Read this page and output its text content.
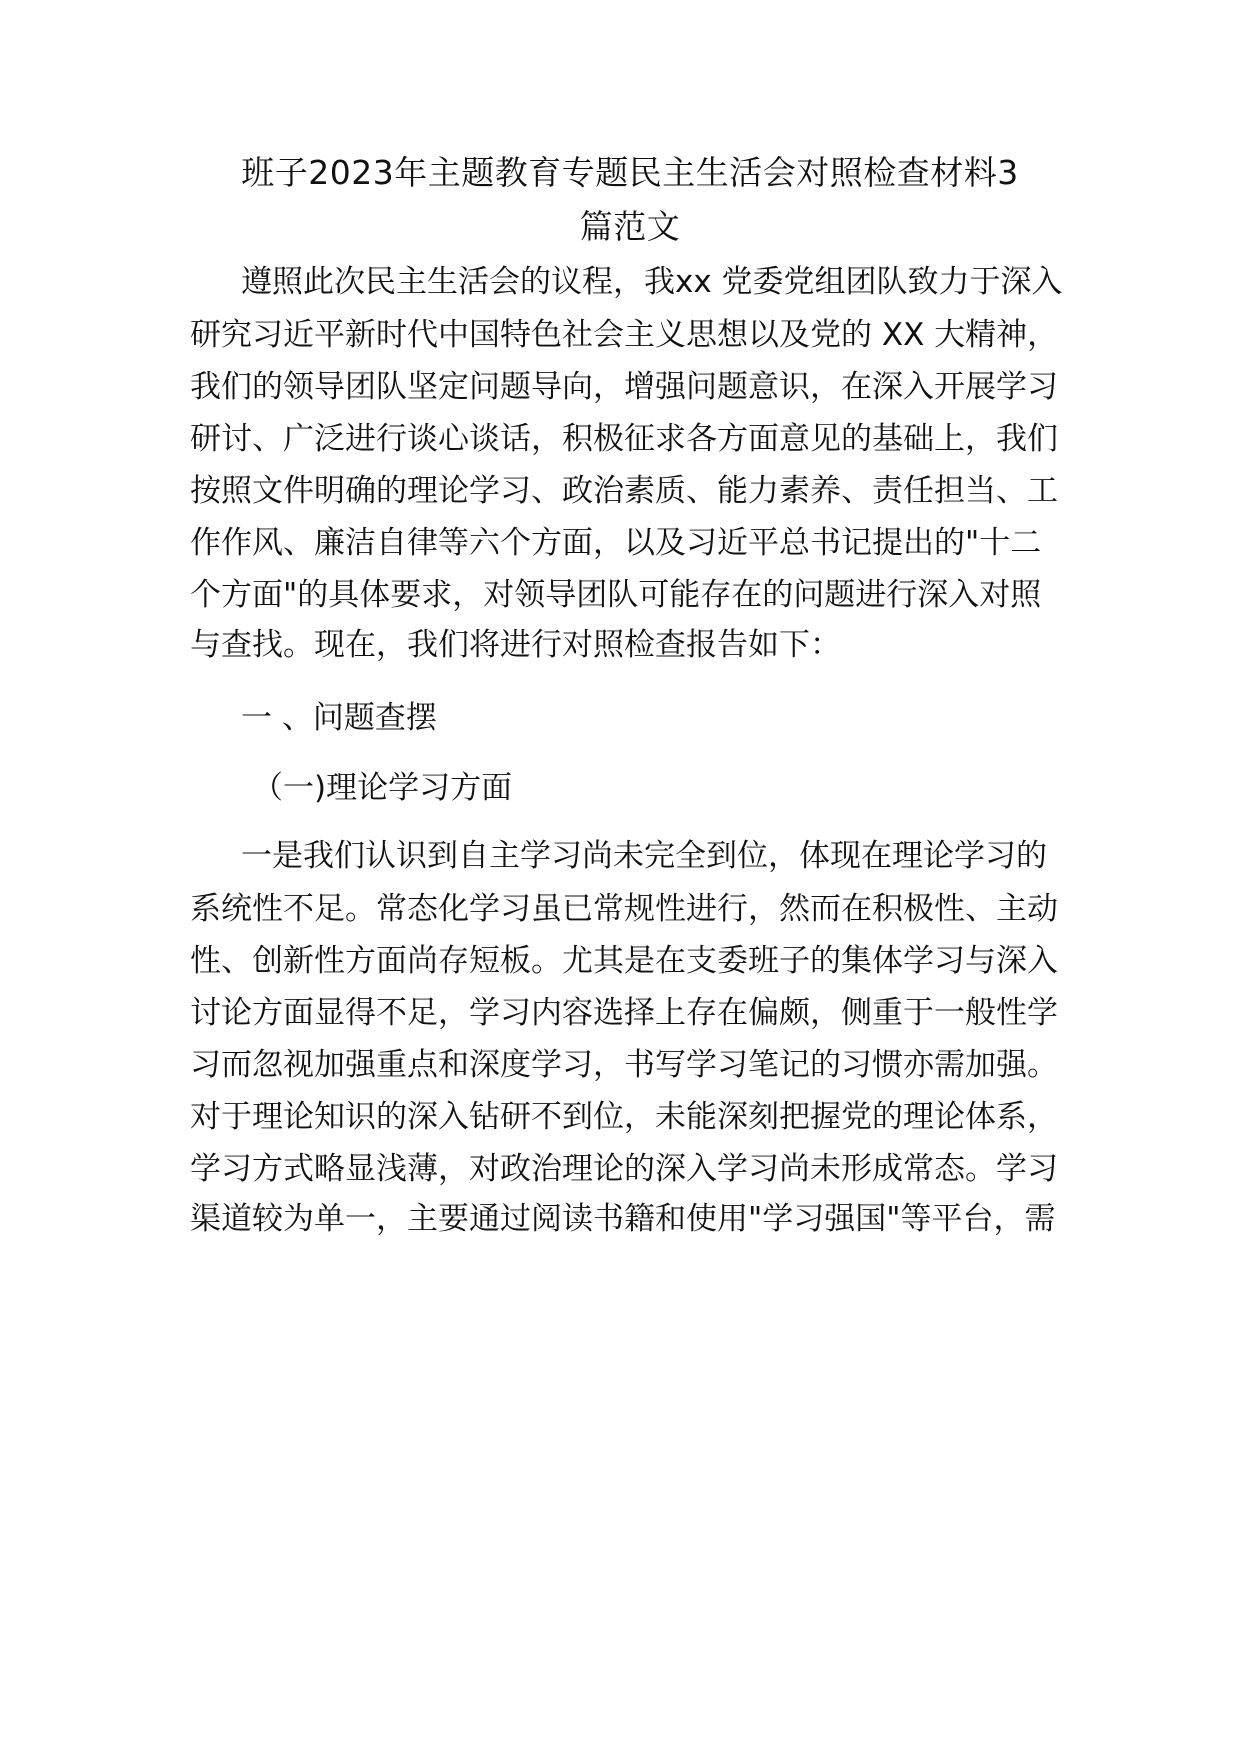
班子2023年主题教育专题民主生活会对照检查材料3
篇范文
遵照此次民主生活会的议程，我xx 党委党组团队致力于深入
研究习近平新时代中国特色社会主义思想以及党的 XX 大精神，
我们的领导团队坚定问题导向，增强问题意识，在深入开展学习
研讨、广泛进行谈心谈话，积极征求各方面意见的基础上，我们
按照文件明确的理论学习、政治素质、能力素养、责任担当、工
作作风、廉洁自律等六个方面，以及习近平总书记提出的"十二
个方面"的具体要求，对领导团队可能存在的问题进行深入对照
与查找。现在，我们将进行对照检查报告如下：
一 、问题查摆
（一)理论学习方面
一是我们认识到自主学习尚未完全到位，体现在理论学习的
系统性不足。常态化学习虽已常规性进行，然而在积极性、主动
性、创新性方面尚存短板。尤其是在支委班子的集体学习与深入
讨论方面显得不足，学习内容选择上存在偏颇，侧重于一般性学
习而忽视加强重点和深度学习，书写学习笔记的习惯亦需加强。
对于理论知识的深入钻研不到位，未能深刻把握党的理论体系，
学习方式略显浅薄，对政治理论的深入学习尚未形成常态。学习
渠道较为单一，主要通过阅读书籍和使用"学习强国"等平台，需
